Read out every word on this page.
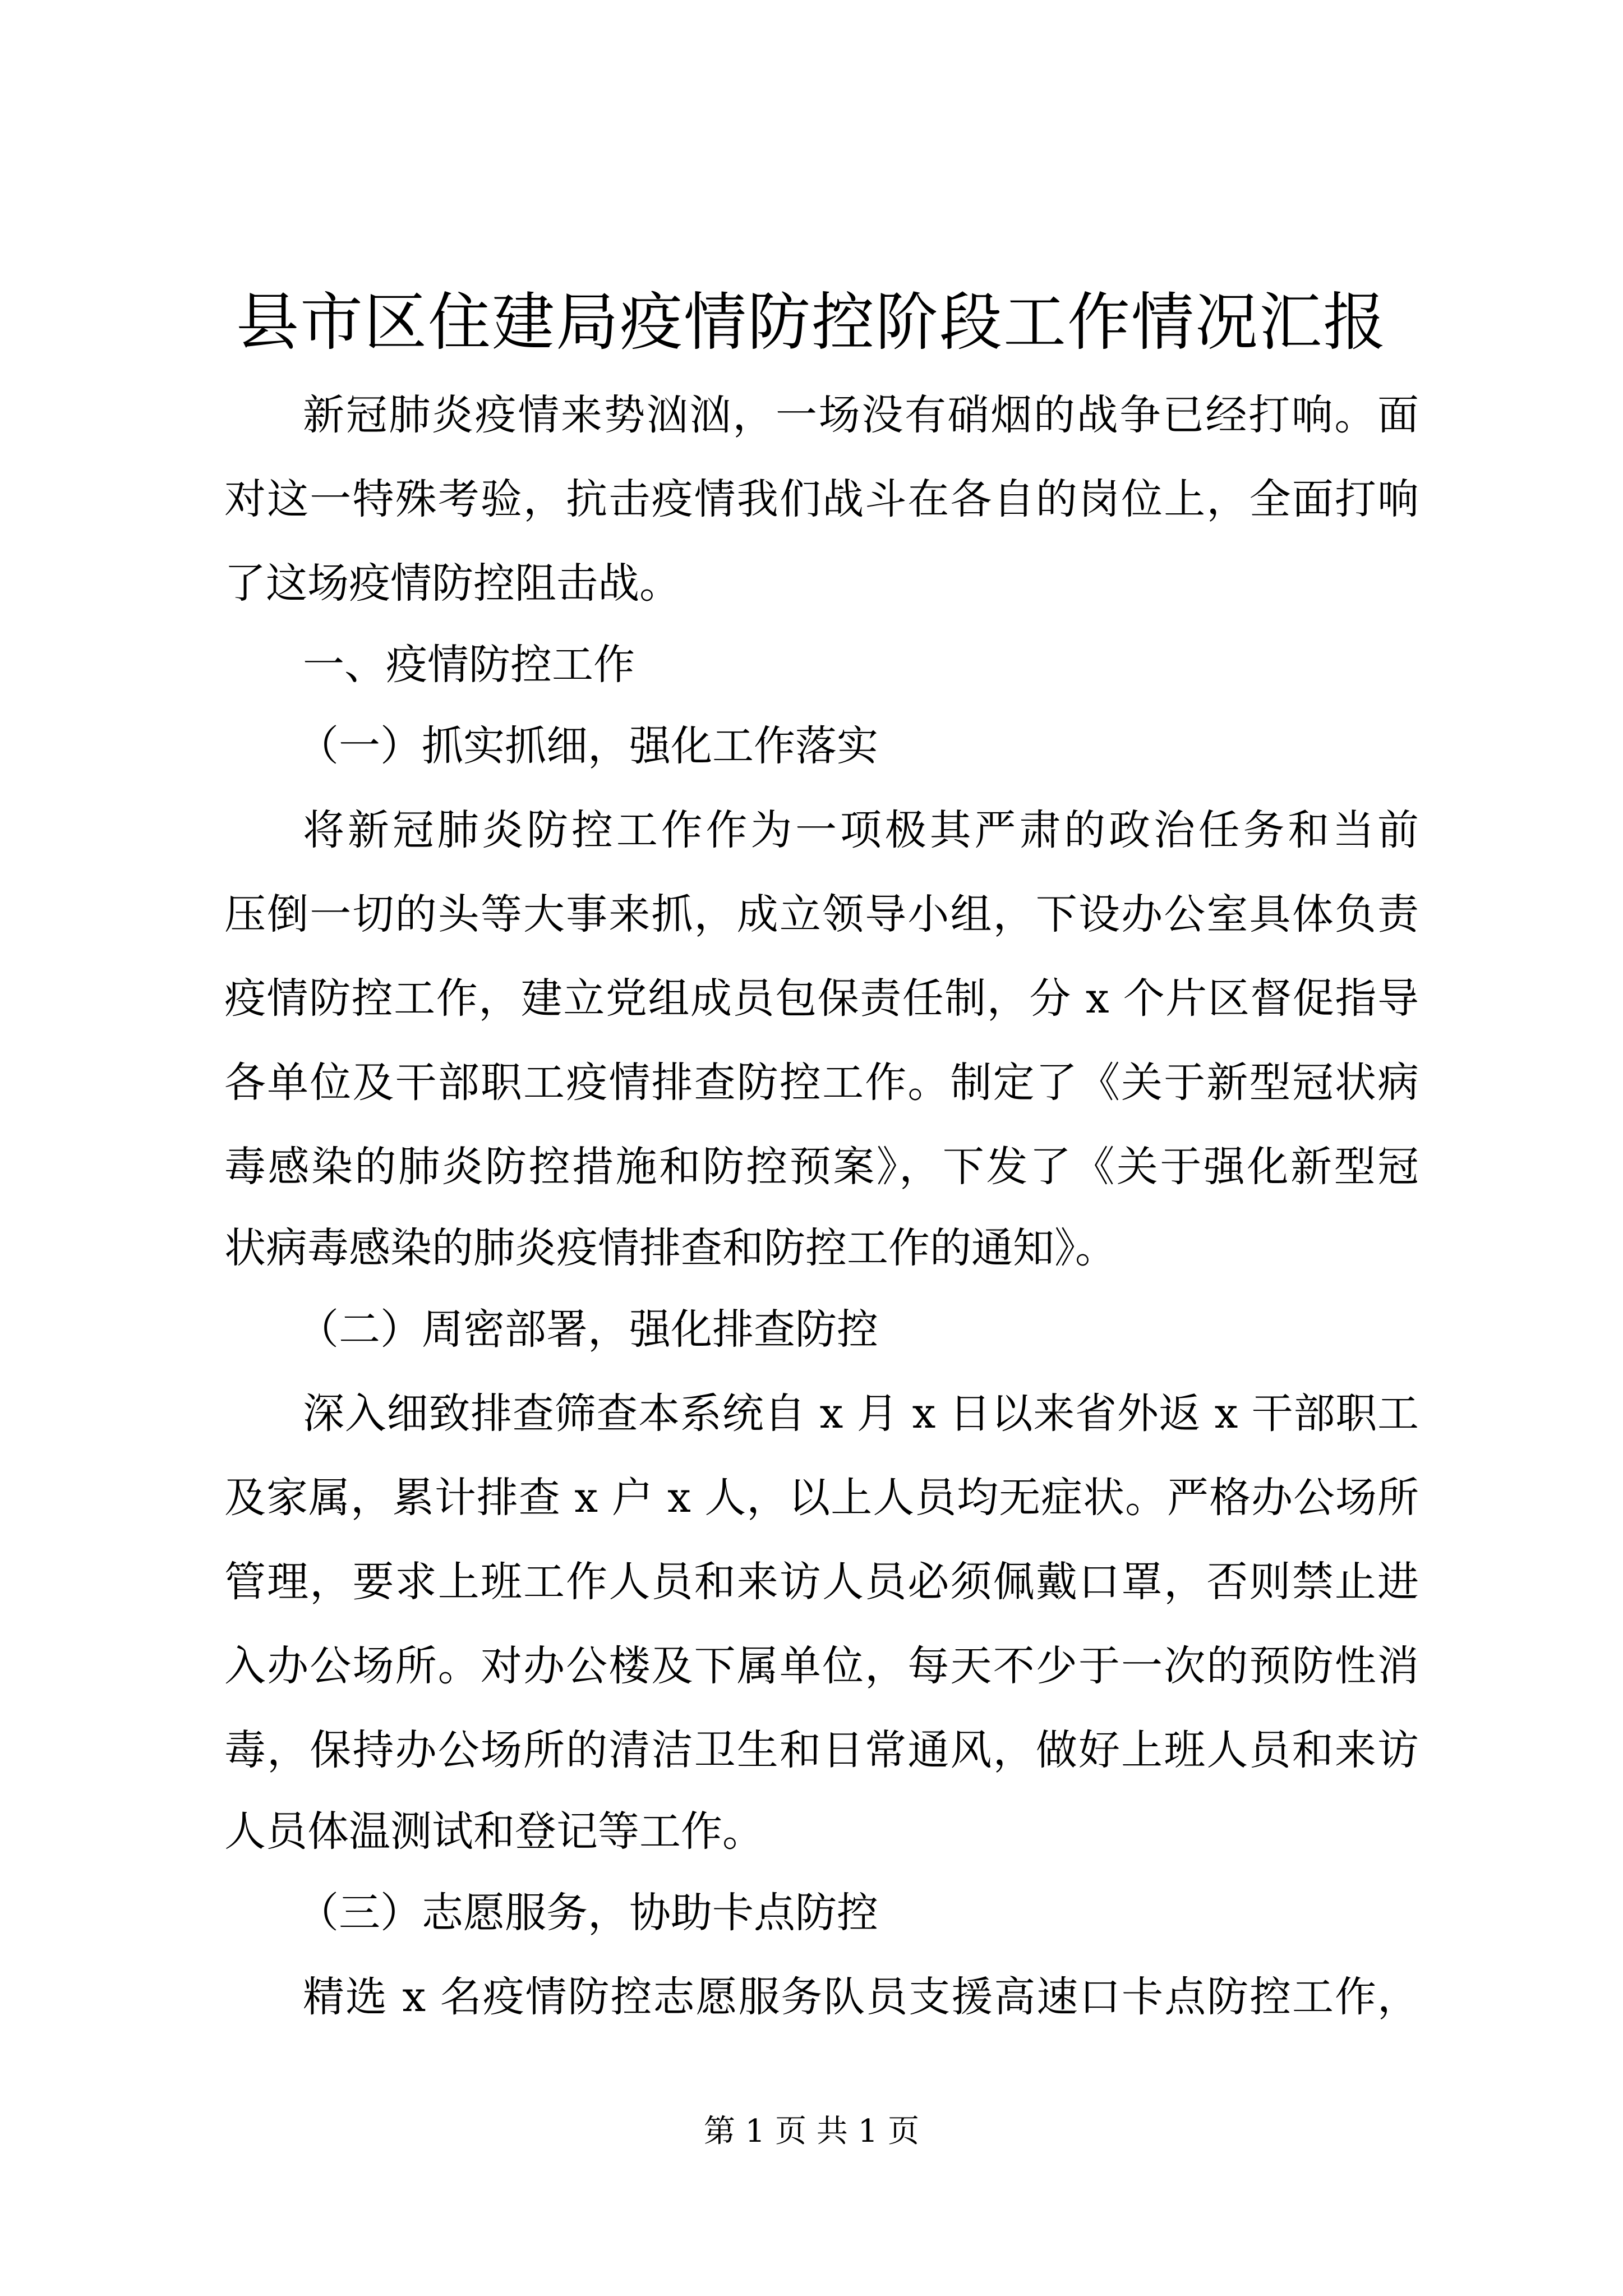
县市区住建局疫情防控阶段工作情况汇报

新冠肺炎疫情来势汹汹，一场没有硝烟的战争已经打响。面

对这一特殊考验，抗击疫情我们战斗在各自的岗位上，全面打响

了这场疫情防控阻击战。

一、疫情防控工作

（一）抓实抓细，强化工作落实

将新冠肺炎防控工作作为一项极其严肃的政治任务和当前

压倒一切的头等大事来抓，成立领导小组，下设办公室具体负责

疫情防控工作，建立党组成员包保责任制，分 x 个片区督促指导

各单位及干部职工疫情排查防控工作。制定了《关于新型冠状病

毒感染的肺炎防控措施和防控预案》，下发了《关于强化新型冠

状病毒感染的肺炎疫情排查和防控工作的通知》。

（二）周密部署，强化排查防控

深入细致排查筛查本系统自 x 月 x 日以来省外返 x 干部职工

及家属，累计排查 x 户 x 人，以上人员均无症状。严格办公场所

管理，要求上班工作人员和来访人员必须佩戴口罩，否则禁止进

入办公场所。对办公楼及下属单位，每天不少于一次的预防性消

毒，保持办公场所的清洁卫生和日常通风，做好上班人员和来访

人员体温测试和登记等工作。

（三）志愿服务，协助卡点防控

精选 x 名疫情防控志愿服务队员支援高速口卡点防控工作，

第 1 页 共 1 页
